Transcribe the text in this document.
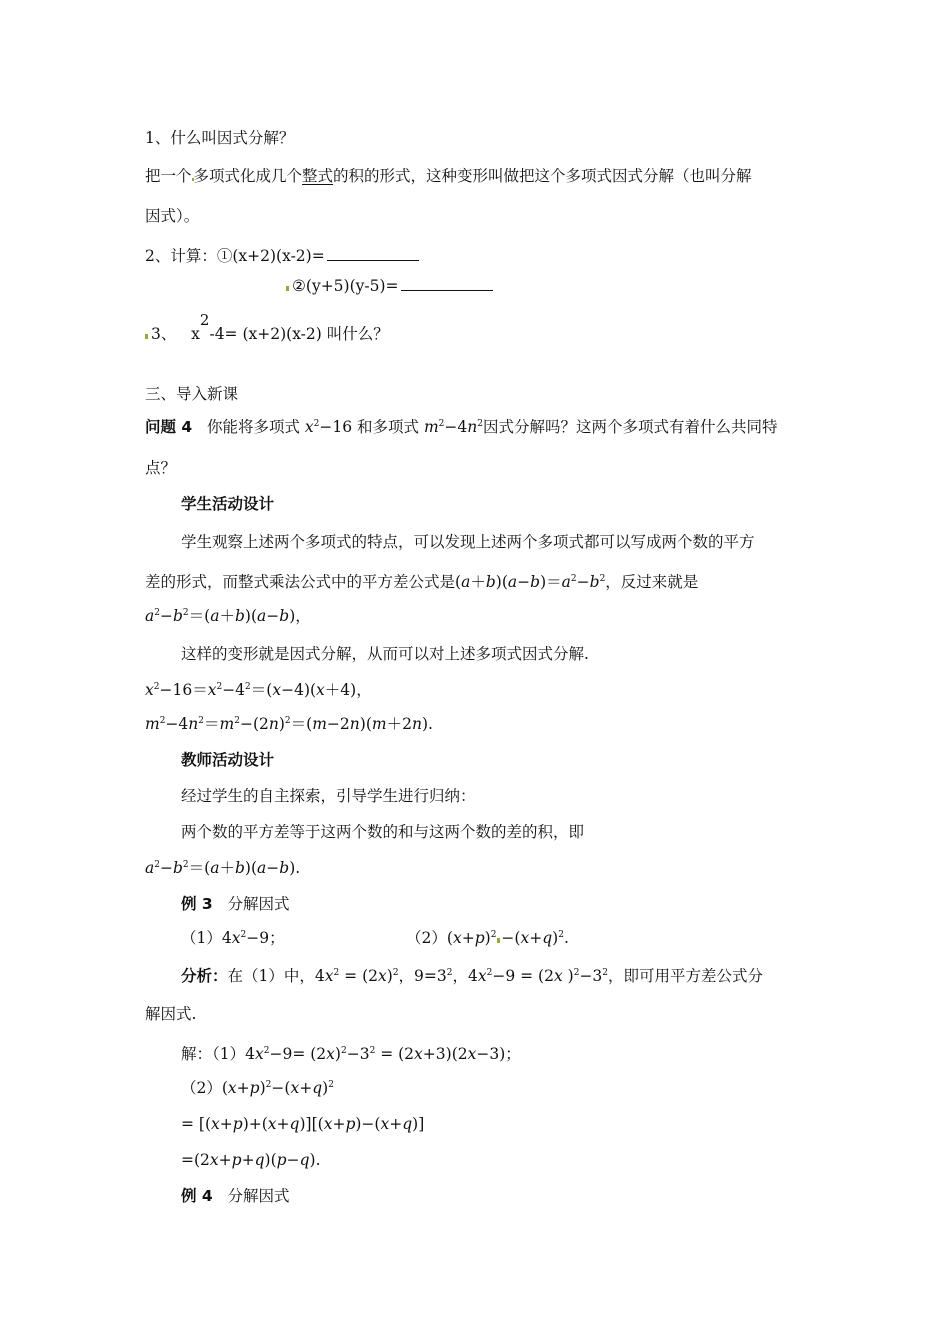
1、什么叫因式分解？
把一个 多项式化成几个整式的积的形式，这种变形叫做把这个多项式因式分解（也叫分解
因式）。
2、计算：①(x+2)(x-2)=
②(y+5)(y-5)=
3、 x2-4= (x+2)(x-2) 叫什么？
三、导入新课
问题 4 你能将多项式 $x^2-16$ 和多项式 $m^2-4n^2$因式分解吗？这两个多项式有着什么共同特
点？
学生活动设计
学生观察上述两个多项式的特点，可以发现上述两个多项式都可以写成两个数的平方
差的形式，而整式乘法公式中的平方差公式是$(a+b)(a-b)=a^2-b^2$，反过来就是
$a^2-b^2=(a+b)(a-b)$，
这样的变形就是因式分解，从而可以对上述多项式因式分解.
$x^2-16=x^2-4^2=(x-4)(x+4)$，
$m^2-4n^2=m^2-(2n)^2=(m-2n)(m+2n)$.
教师活动设计
经过学生的自主探索，引导学生进行归纳：
两个数的平方差等于这两个数的和与这两个数的差的积，即
$a^2-b^2=(a+b)(a-b)$.
例 3 分解因式
$(1)4x^2-9$；	$(2)(x+p)^2 -(x+q)^2$.
分析：在（1）中，$4x^2 = (2x)^2$，$9=3^2$，$4x^2-9 = (2x$ )$^2-3^2$，即可用平方差公式分
解因式.
解：$(1)4x^2-9= (2x)^2-3^2 = (2x+3)(2x-3)$；
$(2)(x+p)^2-(x+q)^2$
= [(x+p)+(x+q)][(x+p)−(x+q)]
=(2x+p+q)(p−q).
例 4 分解因式
